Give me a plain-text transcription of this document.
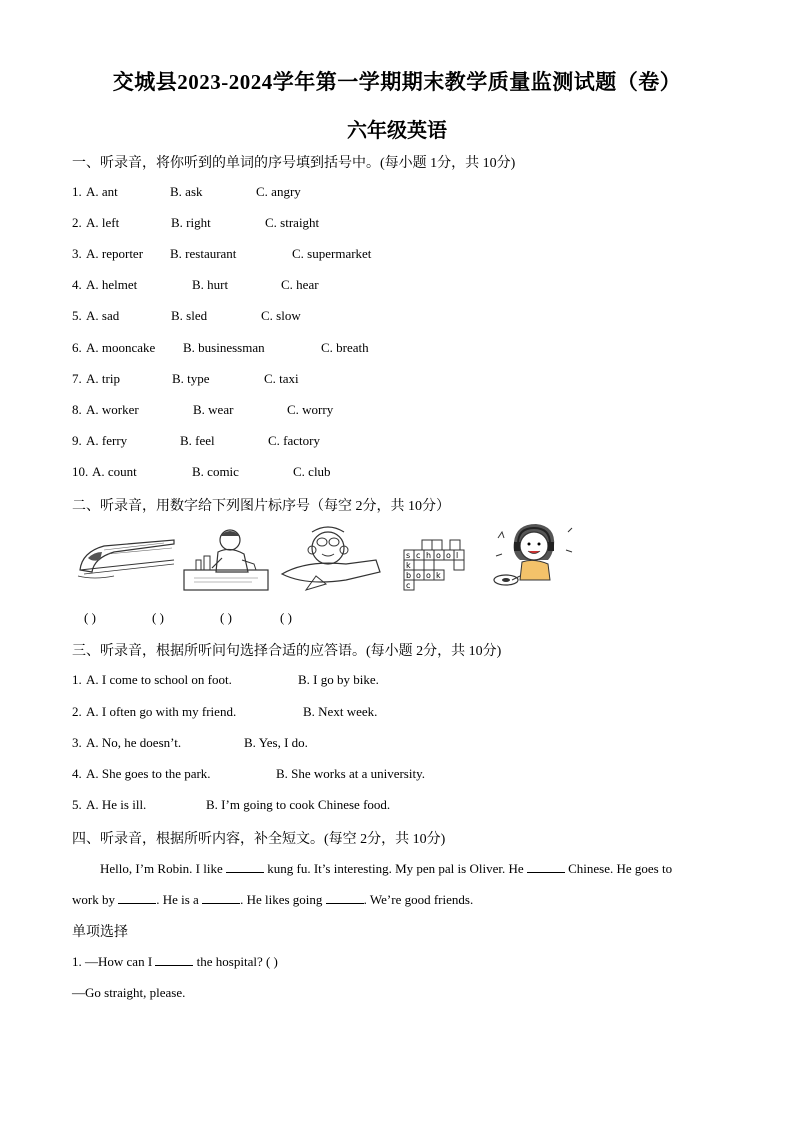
交城县2023-2024学年第一学期期末教学质量监测试题（卷）
六年级英语
一、听录音，将你听到的单词的序号填到括号中。(每小题 1分，共 10分)
1. A. ant	B. ask	C. angry
2. A. left	B. right	C. straight
3. A. reporter B. restaurant	C. supermarket
4. A. helmet	B. hurt	C. hear
5. A. sad	B. sled	C. slow
6. A. mooncake B. businessman	C. breath
7. A. trip	B. type	C. taxi
8. A. worker	B. wear	C. worry
9. A. ferry	B. feel	C. factory
10. A. count	B. comic	C. club
二、听录音，用数字给下列图片标序号（每空 2分，共 10分）
s c h o o l
b o o k
k
c
( )	( )	( )	( )
三、听录音，根据所听问句选择合适的应答语。(每小题 2分，共 10分)
1. A. I come to school on foot.	B. I go by bike.
2. A. I often go with my friend.	B. Next week.
3. A. No, he doesn’t.	B. Yes, I do.
4. A. She goes to the park.	B. She works at a university.
5. A. He is ill.	B. I’m going to cook Chinese food.
四、听录音，根据所听内容，补全短文。(每空 2分，共 10分)
Hello, I’m Robin. I like	kung fu. It’s interesting. My pen pal is Oliver. He	Chinese. He goes to
work by	. He is a	. He likes going	. We’re good friends.
单项选择
1. —How can I	the hospital? ( )
—Go straight, please.
